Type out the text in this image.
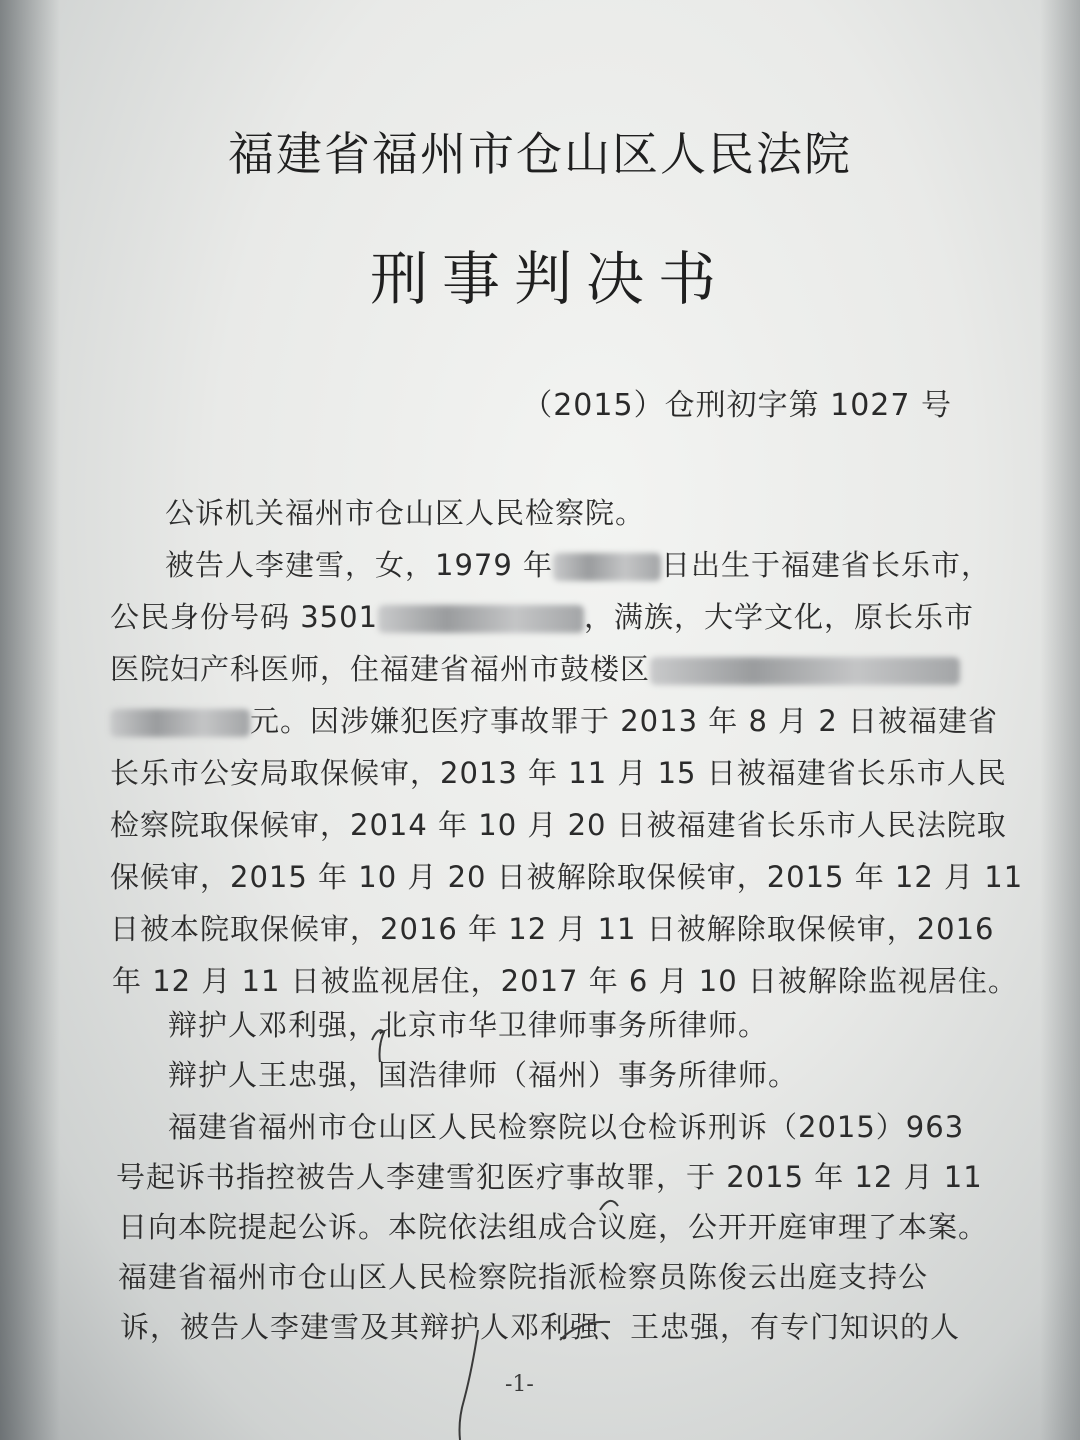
福建省福州市仓山区人民法院
刑事判决书
（2015）仓刑初字第 1027 号
公诉机关福州市仓山区人民检察院。
被告人李建雪，女，1979 年	日出生于福建省长乐市，
公民身份号码 3501	，满族，大学文化，原长乐市
医院妇产科医师，住福建省福州市鼓楼区
元。因涉嫌犯医疗事故罪于 2013 年 8 月 2 日被福建省
长乐市公安局取保候审，2013 年 11 月 15 日被福建省长乐市人民
检察院取保候审，2014 年 10 月 20 日被福建省长乐市人民法院取
保候审，2015 年 10 月 20 日被解除取保候审，2015 年 12 月 11
日被本院取保候审，2016 年 12 月 11 日被解除取保候审，2016
年 12 月 11 日被监视居住，2017 年 6 月 10 日被解除监视居住。
辩护人邓利强，北京市华卫律师事务所律师。
辩护人王忠强，国浩律师（福州）事务所律师。
福建省福州市仓山区人民检察院以仓检诉刑诉（2015）963
号起诉书指控被告人李建雪犯医疗事故罪，于 2015 年 12 月 11
日向本院提起公诉。本院依法组成合议庭，公开开庭审理了本案。
福建省福州市仓山区人民检察院指派检察员陈俊云出庭支持公
诉，被告人李建雪及其辩护人邓利强、王忠强，有专门知识的人
-1-
